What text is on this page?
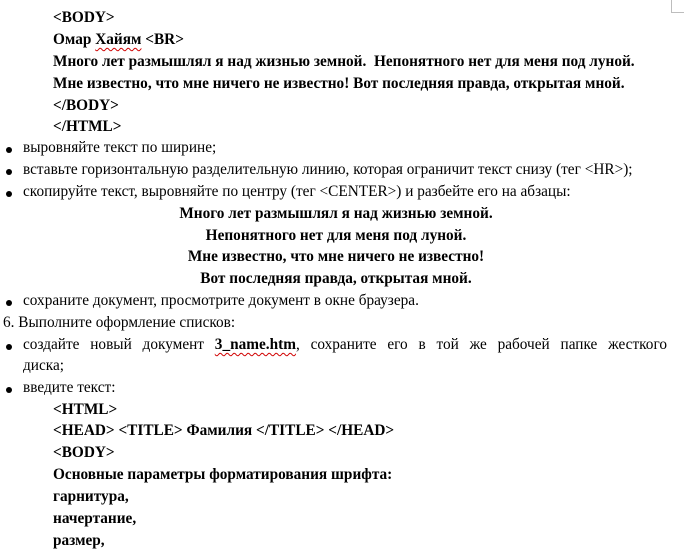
<BODY>
Омар Хайям <BR>
Много лет размышлял я над жизнью земной.  Непонятного нет для меня под луной.
Мне известно, что мне ничего не известно! Вот последняя правда, открытая мной.
</BODY>
</HTML>
выровняйте текст по ширине;
вставьте горизонтальную разделительную линию, которая ограничит текст снизу (тег <HR>);
скопируйте текст, выровняйте по центру (тег <CENTER>) и разбейте его на абзацы:
Много лет размышлял я над жизнью земной.
Непонятного нет для меня под луной.
Мне известно, что мне ничего не известно!
Вот последняя правда, открытая мной.
сохраните документ, просмотрите документ в окне браузера.
6. Выполните оформление списков:
создайте новый документ 3_name.htm, сохраните его в той же рабочей папке жесткого
диска;
введите текст:
<HTML>
<HEAD> <TITLE> Фамилия </TITLE> </HEAD>
<BODY>
Основные параметры форматирования шрифта:
гарнитура,
начертание,
размер,
